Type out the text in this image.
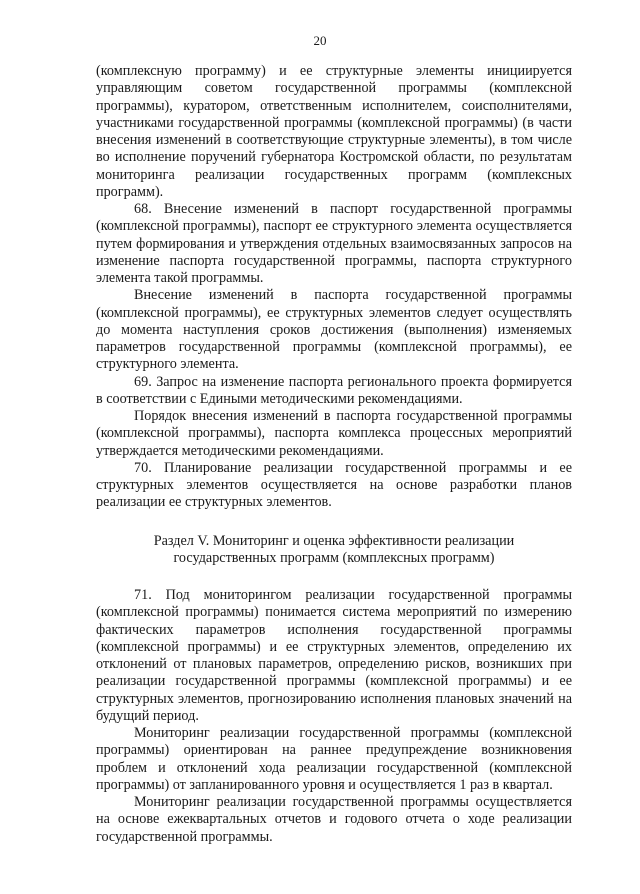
20

(комплексную программу) и ее структурные элементы инициируется управляющим советом государственной программы (комплексной программы), куратором, ответственным исполнителем, соисполнителями, участниками государственной программы (комплексной программы) (в части внесения изменений в соответствующие структурные элементы), в том числе во исполнение поручений губернатора Костромской области, по результатам мониторинга реализации государственных программ (комплексных программ).

68. Внесение изменений в паспорт государственной программы (комплексной программы), паспорт ее структурного элемента осуществляется путем формирования и утверждения отдельных взаимосвязанных запросов на изменение паспорта государственной программы, паспорта структурного элемента такой программы.

Внесение изменений в паспорта государственной программы (комплексной программы), ее структурных элементов следует осуществлять до момента наступления сроков достижения (выполнения) изменяемых параметров государственной программы (комплексной программы), ее структурного элемента.

69. Запрос на изменение паспорта регионального проекта формируется в соответствии с Едиными методическими рекомендациями.

Порядок внесения изменений в паспорта государственной программы (комплексной программы), паспорта комплекса процессных мероприятий утверждается методическими рекомендациями.

70. Планирование реализации государственной программы и ее структурных элементов осуществляется на основе разработки планов реализации ее структурных элементов.

Раздел V. Мониторинг и оценка эффективности реализации
государственных программ (комплексных программ)

71. Под мониторингом реализации государственной программы (комплексной программы) понимается система мероприятий по измерению фактических параметров исполнения государственной программы (комплексной программы) и ее структурных элементов, определению их отклонений от плановых параметров, определению рисков, возникших при реализации государственной программы (комплексной программы) и ее структурных элементов, прогнозированию исполнения плановых значений на будущий период.

Мониторинг реализации государственной программы (комплексной программы) ориентирован на раннее предупреждение возникновения проблем и отклонений хода реализации государственной (комплексной программы) от запланированного уровня и осуществляется 1 раз в квартал.

Мониторинг реализации государственной программы осуществляется на основе ежеквартальных отчетов и годового отчета о ходе реализации государственной программы.
